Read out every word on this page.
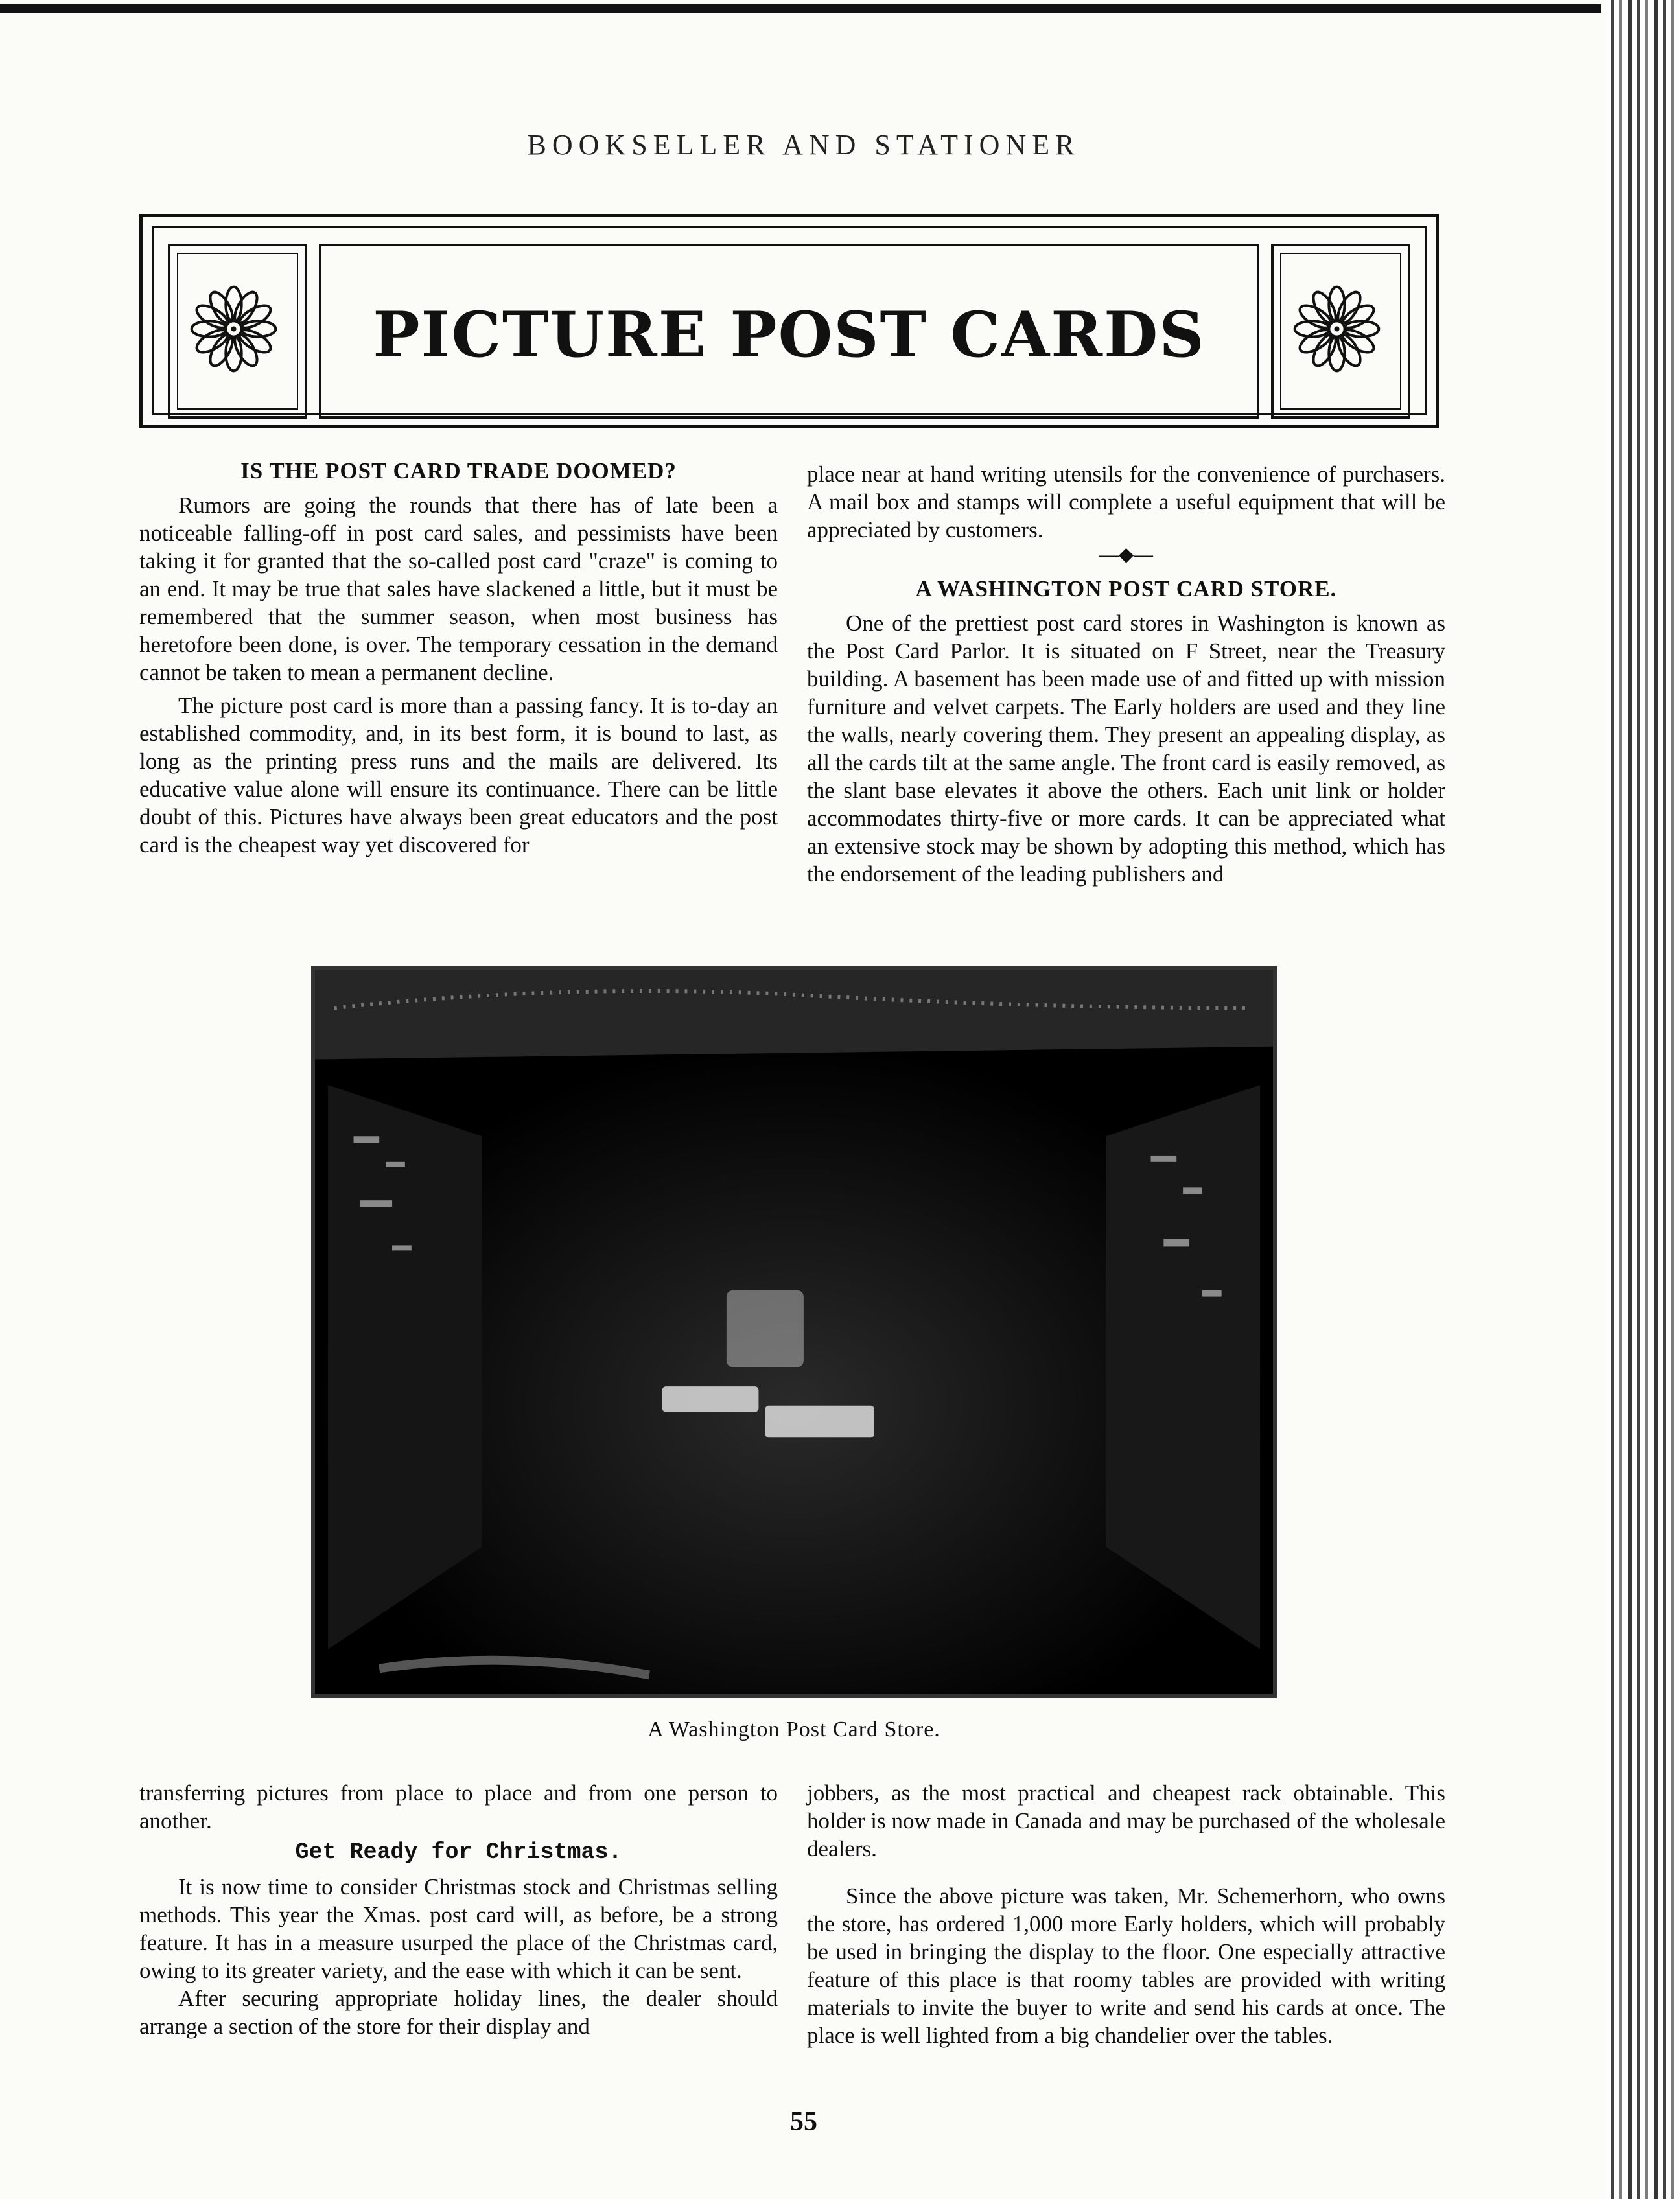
BOOKSELLER AND STATIONER
PICTURE POST CARDS
IS THE POST CARD TRADE DOOMED?

Rumors are going the rounds that there has of late been a noticeable falling-off in post card sales, and pessimists have been taking it for granted that the so-called post card "craze" is coming to an end. It may be true that sales have slackened a little, but it must be remembered that the summer season, when most business has heretofore been done, is over. The temporary cessation in the demand cannot be taken to mean a permanent decline.

The picture post card is more than a passing fancy. It is to-day an established commodity, and, in its best form, it is bound to last, as long as the printing press runs and the mails are delivered. Its educative value alone will ensure its continuance. There can be little doubt of this. Pictures have always been great educators and the post card is the cheapest way yet discovered for

place near at hand writing utensils for the convenience of purchasers. A mail box and stamps will complete a useful equipment that will be appreciated by customers.

—◆—
A WASHINGTON POST CARD STORE.

One of the prettiest post card stores in Washington is known as the Post Card Parlor. It is situated on F Street, near the Treasury building. A basement has been made use of and fitted up with mission furniture and velvet carpets. The Early holders are used and they line the walls, nearly covering them. They present an appealing display, as all the cards tilt at the same angle. The front card is easily removed, as the slant base elevates it above the others. Each unit link or holder accommodates thirty-five or more cards. It can be appreciated what an extensive stock may be shown by adopting this method, which has the endorsement of the leading publishers and

A Washington Post Card Store.

transferring pictures from place to place and from one person to another.

Get Ready for Christmas.

It is now time to consider Christmas stock and Christmas selling methods. This year the Xmas. post card will, as before, be a strong feature. It has in a measure usurped the place of the Christmas card, owing to its greater variety, and the ease with which it can be sent.

After securing appropriate holiday lines, the dealer should arrange a section of the store for their display and

jobbers, as the most practical and cheapest rack obtainable. This holder is now made in Canada and may be purchased of the wholesale dealers.

Since the above picture was taken, Mr. Schemerhorn, who owns the store, has ordered 1,000 more Early holders, which will probably be used in bringing the display to the floor. One especially attractive feature of this place is that roomy tables are provided with writing materials to invite the buyer to write and send his cards at once. The place is well lighted from a big chandelier over the tables.

55
